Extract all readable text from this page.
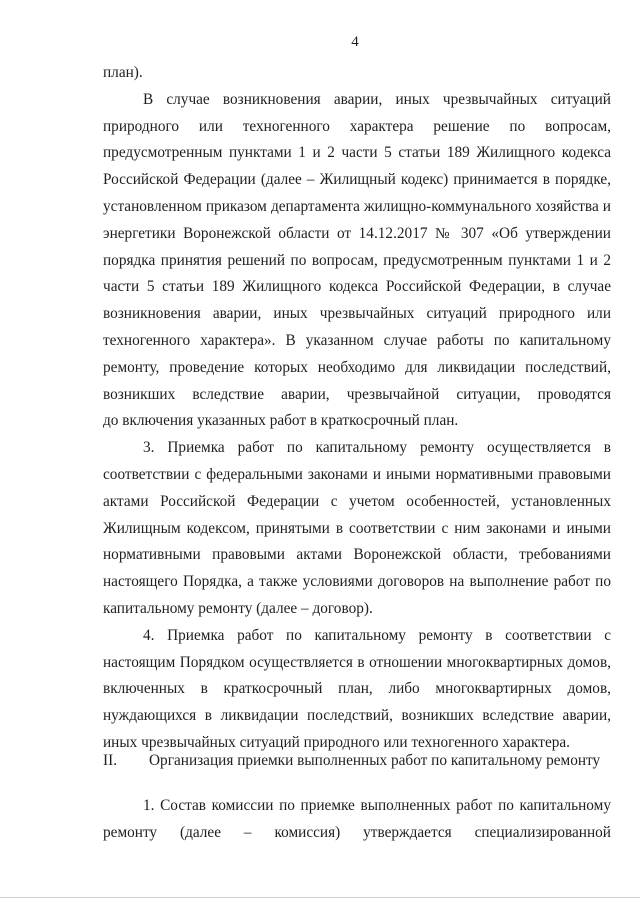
4
план).
В случае возникновения аварии, иных чрезвычайных ситуаций
природного или техногенного характера решение по вопросам,
предусмотренным пунктами 1 и 2 части 5 статьи 189 Жилищного кодекса
Российской Федерации (далее – Жилищный кодекс) принимается в порядке,
установленном приказом департамента жилищно-коммунального хозяйства и
энергетики Воронежской области от 14.12.2017 № 307 «Об утверждении
порядка принятия решений по вопросам, предусмотренным пунктами 1 и 2
части 5 статьи 189 Жилищного кодекса Российской Федерации, в случае
возникновения аварии, иных чрезвычайных ситуаций природного или
техногенного характера». В указанном случае работы по капитальному
ремонту, проведение которых необходимо для ликвидации последствий,
возникших вследствие аварии, чрезвычайной ситуации, проводятся
до включения указанных работ в краткосрочный план.
3. Приемка работ по капитальному ремонту осуществляется в
соответствии с федеральными законами и иными нормативными правовыми
актами Российской Федерации с учетом особенностей, установленных
Жилищным кодексом, принятыми в соответствии с ним законами и иными
нормативными правовыми актами Воронежской области, требованиями
настоящего Порядка, а также условиями договоров на выполнение работ по
капитальному ремонту (далее – договор).
4. Приемка работ по капитальному ремонту в соответствии с
настоящим Порядком осуществляется в отношении многоквартирных домов,
включенных в краткосрочный план, либо многоквартирных домов,
нуждающихся в ликвидации последствий, возникших вследствие аварии,
иных чрезвычайных ситуаций природного или техногенного характера.
II. Организация приемки выполненных работ по капитальному ремонту
1. Состав комиссии по приемке выполненных работ по капитальному
ремонту (далее – комиссия) утверждается специализированной
